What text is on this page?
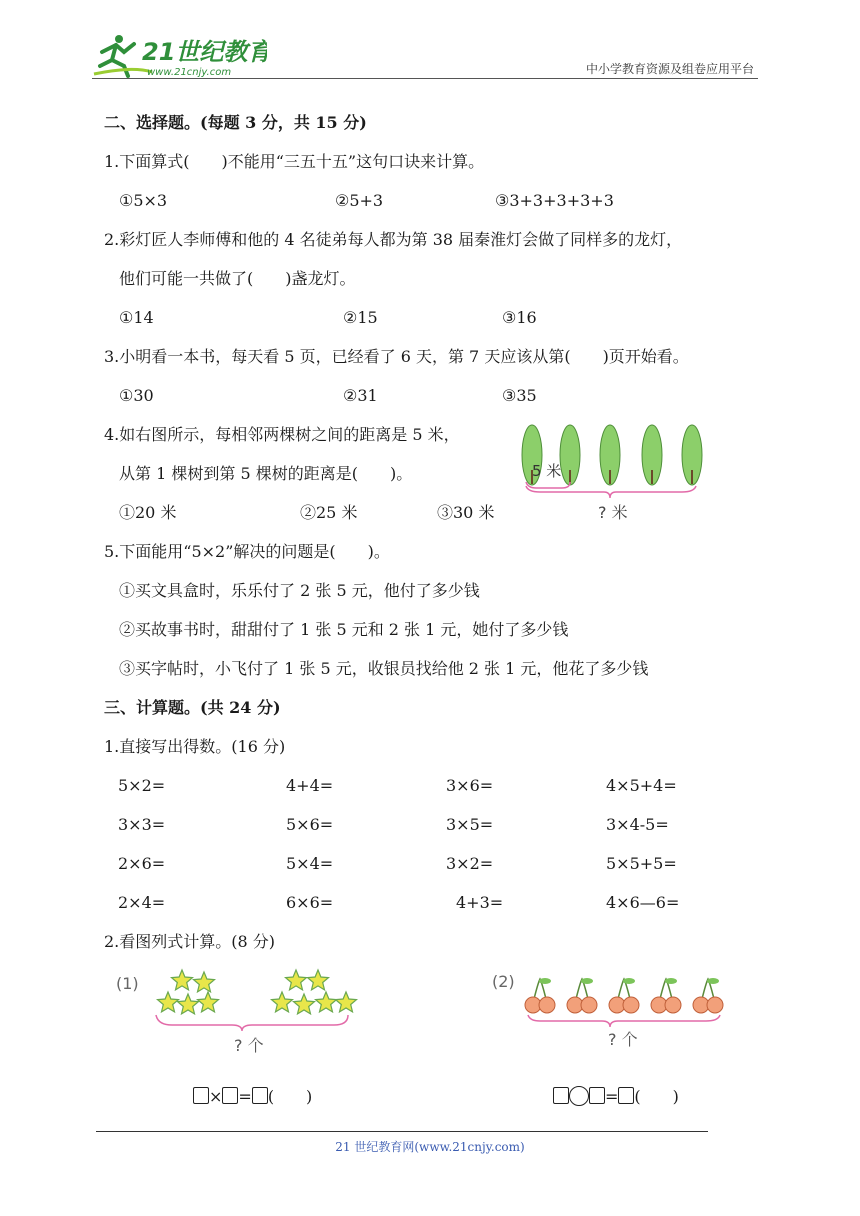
21世纪教育
www.21cnjy.com	中小学教育资源及组卷应用平台
二、选择题。(每题 3 分，共 15 分)
1.下面算式(　　)不能用“三五十五”这句口诀来计算。
①5×3	②5+3	③3+3+3+3+3
2.彩灯匠人李师傅和他的 4 名徒弟每人都为第 38 届秦淮灯会做了同样多的龙灯，
他们可能一共做了(　　)盏龙灯。
①14	②15	③16
3.小明看一本书，每天看 5 页，已经看了 6 天，第 7 天应该从第(　　)页开始看。
①30	②31	③35
4.如右图所示，每相邻两棵树之间的距离是 5 米，
从第 1 棵树到第 5 棵树的距离是(　　)。
①20 米	②25 米	③30 米
5 米
? 米
5.下面能用“5×2”解决的问题是(　　)。
①买文具盒时，乐乐付了 2 张 5 元，他付了多少钱
②买故事书时，甜甜付了 1 张 5 元和 2 张 1 元，她付了多少钱
③买字帖时，小飞付了 1 张 5 元，收银员找给他 2 张 1 元，他花了多少钱
三、计算题。(共 24 分)
1.直接写出得数。(16 分)
5×2=	4+4=	3×6=	4×5+4=
3×3=	5×6=	3×5=	3×4-5=
2×6=	5×4=	3×2=	5×5+5=
2×4=	6×6=	4+3=	4×6—6=
2.看图列式计算。(8 分)
(1)
? 个
(2)
? 个
× = (　　)	= (　　)
21 世纪教育网(www.21cnjy.com)
